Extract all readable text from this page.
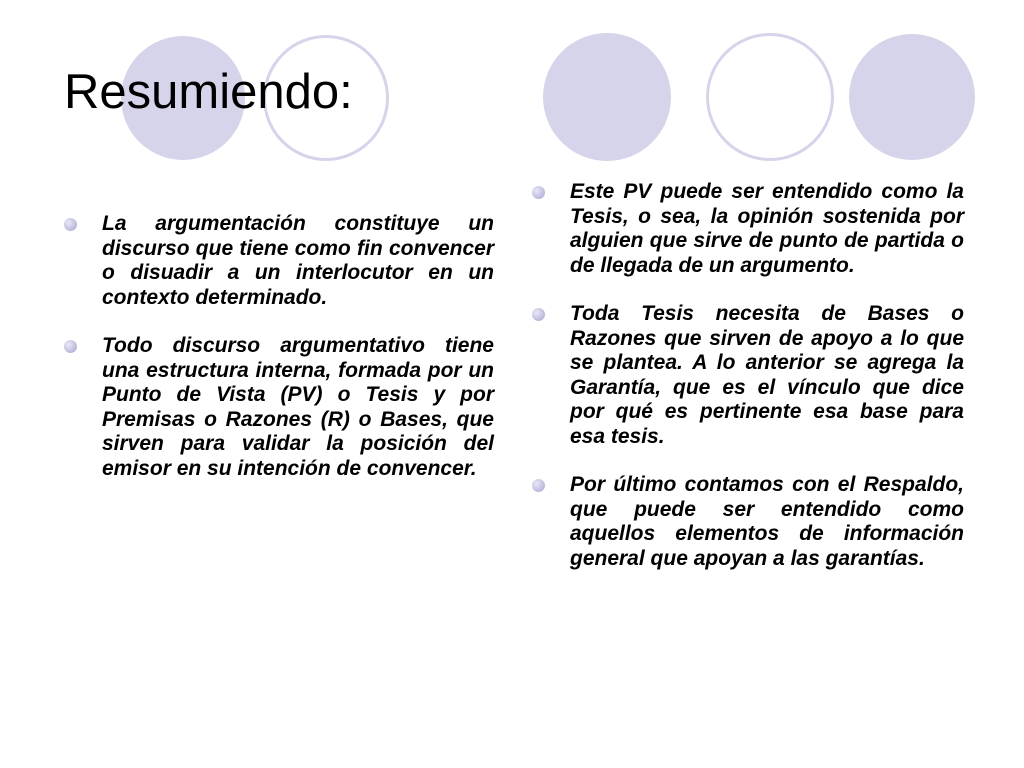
Resumiendo:
La argumentación constituye un discurso que tiene como fin convencer o disuadir a un interlocutor en un contexto determinado.
Todo discurso argumentativo tiene una estructura interna, formada por un Punto de Vista (PV) o Tesis y por Premisas o Razones (R) o Bases, que sirven para validar la posición del emisor en su intención de convencer.
Este PV puede ser entendido como la Tesis, o sea, la opinión sostenida por alguien que sirve de punto de partida o de llegada de un argumento.
Toda Tesis necesita de Bases o Razones que sirven de apoyo a lo que se plantea. A lo anterior se agrega la Garantía, que es el vínculo que dice por qué es pertinente esa base para esa tesis.
Por último contamos con el Respaldo, que puede ser entendido como aquellos elementos de información general que apoyan a las garantías.
